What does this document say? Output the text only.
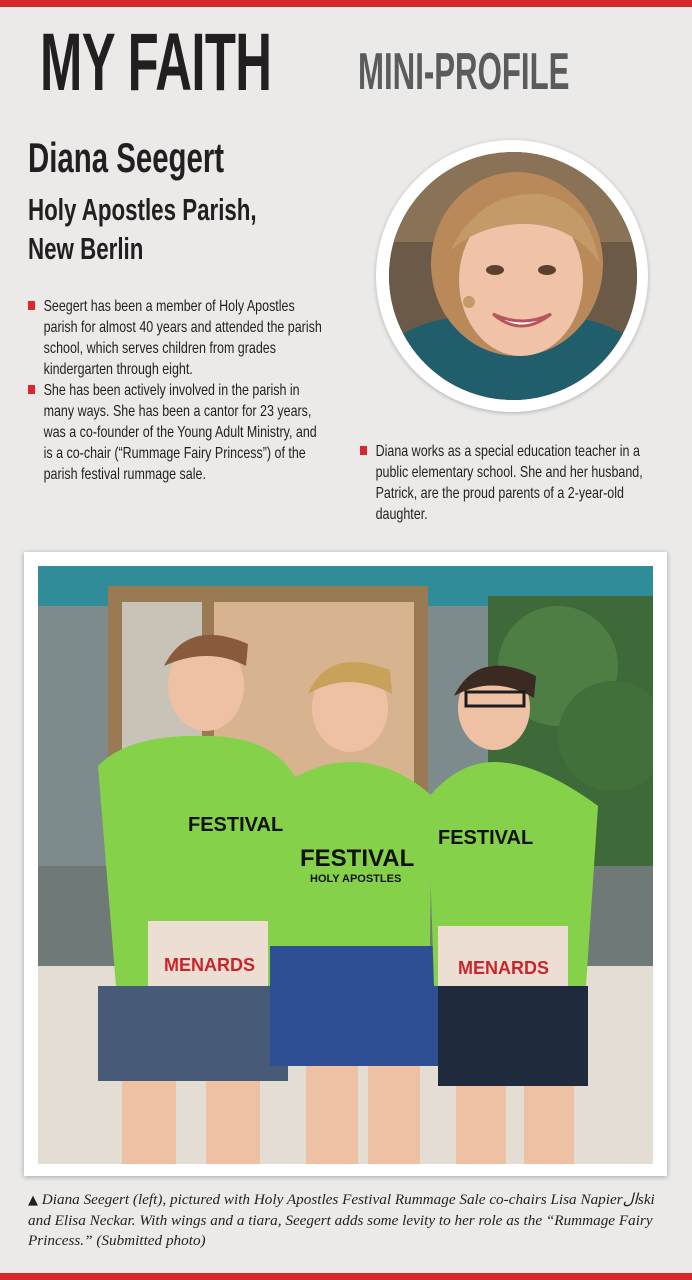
MY FAITH MINI-PROFILE
Diana Seegert
Holy Apostles Parish,
New Berlin
Seegert has been a member of Holy Apostles parish for almost 40 years and attended the parish school, which serves children from grades kindergarten through eight.
She has been actively involved in the parish in many ways. She has been a cantor for 23 years, was a co-founder of the Young Adult Ministry, and is a co-chair (“Rummage Fairy Princess”) of the parish festival rummage sale.
Diana works as a special education teacher in a public elementary school. She and her husband, Patrick, are the proud parents of a 2-year-old daughter.
FESTIVAL
FESTIVAL
HOLY APOSTLES
FESTIVAL
MENARDS	MENARDS
▲ Diana Seegert (left), pictured with Holy Apostles Festival Rummage Sale co-chairs Lisa Napierالski and Elisa Neckar. With wings and a tiara, Seegert adds some levity to her role as the “Rummage Fairy Princess.” (Submitted photo)
